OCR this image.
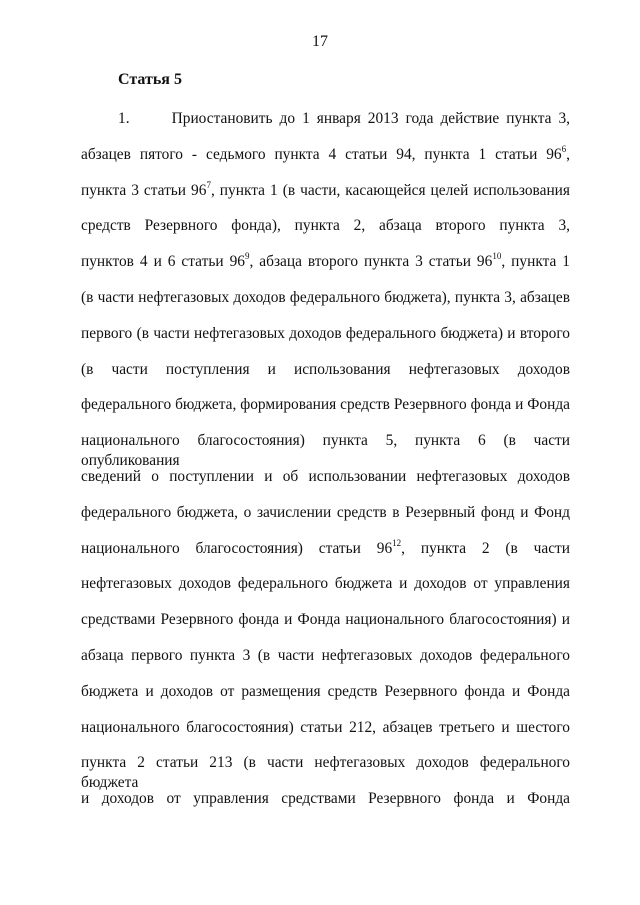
17
Статья 5
1.	Приостановить до 1 января 2013 года действие пункта 3,
абзацев пятого - седьмого пункта 4 статьи 94, пункта 1 статьи $96^6$,
пункта 3 статьи $96^7$, пункта 1 (в части, касающейся целей использования
средств Резервного фонда), пункта 2, абзаца второго пункта 3,
пунктов 4 и 6 статьи $96^9$, абзаца второго пункта 3 статьи $96^{10}$, пункта 1
(в части нефтегазовых доходов федерального бюджета), пункта 3, абзацев
первого (в части нефтегазовых доходов федерального бюджета) и второго
(в части поступления и использования нефтегазовых доходов
федерального бюджета, формирования средств Резервного фонда и Фонда
национального благосостояния) пункта 5, пункта 6 (в части опубликования
сведений о поступлении и об использовании нефтегазовых доходов
федерального бюджета, о зачислении средств в Резервный фонд и Фонд
национального благосостояния) статьи $96^{12}$, пункта 2 (в части
нефтегазовых доходов федерального бюджета и доходов от управления
средствами Резервного фонда и Фонда национального благосостояния) и
абзаца первого пункта 3 (в части нефтегазовых доходов федерального
бюджета и доходов от размещения средств Резервного фонда и Фонда
национального благосостояния) статьи 212, абзацев третьего и шестого
пункта 2 статьи 213 (в части нефтегазовых доходов федерального бюджета
и доходов от управления средствами Резервного фонда и Фонда
